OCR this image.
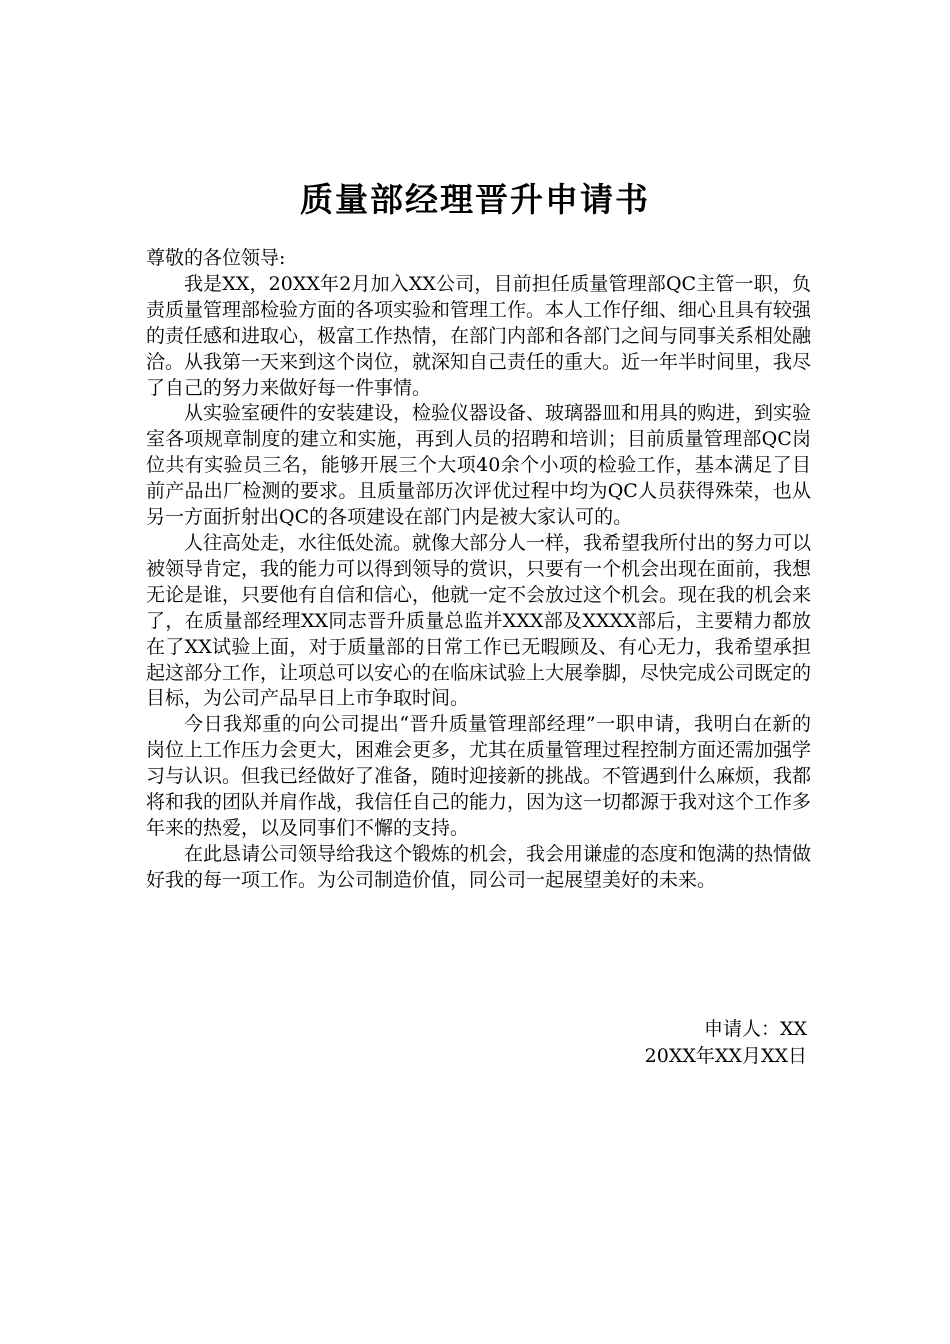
质量部经理晋升申请书

尊敬的各位领导:

我是XX，20XX年2月加入XX公司，目前担任质量管理部QC主管一职，负责质量管理部检验方面的各项实验和管理工作。本人工作仔细、细心且具有较强的责任感和进取心，极富工作热情，在部门内部和各部门之间与同事关系相处融洽。从我第一天来到这个岗位，就深知自己责任的重大。近一年半时间里，我尽了自己的努力来做好每一件事情。

从实验室硬件的安装建设，检验仪器设备、玻璃器皿和用具的购进，到实验室各项规章制度的建立和实施，再到人员的招聘和培训；目前质量管理部QC岗位共有实验员三名，能够开展三个大项40余个小项的检验工作，基本满足了目前产品出厂检测的要求。且质量部历次评优过程中均为QC人员获得殊荣，也从另一方面折射出QC的各项建设在部门内是被大家认可的。

人往高处走，水往低处流。就像大部分人一样，我希望我所付出的努力可以被领导肯定，我的能力可以得到领导的赏识，只要有一个机会出现在面前，我想无论是谁，只要他有自信和信心，他就一定不会放过这个机会。现在我的机会来了，在质量部经理XX同志晋升质量总监并XXX部及XXXX部后，主要精力都放在了XX试验上面，对于质量部的日常工作已无暇顾及、有心无力，我希望承担起这部分工作，让项总可以安心的在临床试验上大展拳脚，尽快完成公司既定的目标，为公司产品早日上市争取时间。

今日我郑重的向公司提出“晋升质量管理部经理”一职申请，我明白在新的岗位上工作压力会更大，困难会更多，尤其在质量管理过程控制方面还需加强学习与认识。但我已经做好了准备，随时迎接新的挑战。不管遇到什么麻烦，我都将和我的团队并肩作战，我信任自己的能力，因为这一切都源于我对这个工作多年来的热爱，以及同事们不懈的支持。

在此恳请公司领导给我这个锻炼的机会，我会用谦虚的态度和饱满的热情做好我的每一项工作。为公司制造价值，同公司一起展望美好的未来。

申请人：XX
20XX年XX月XX日
